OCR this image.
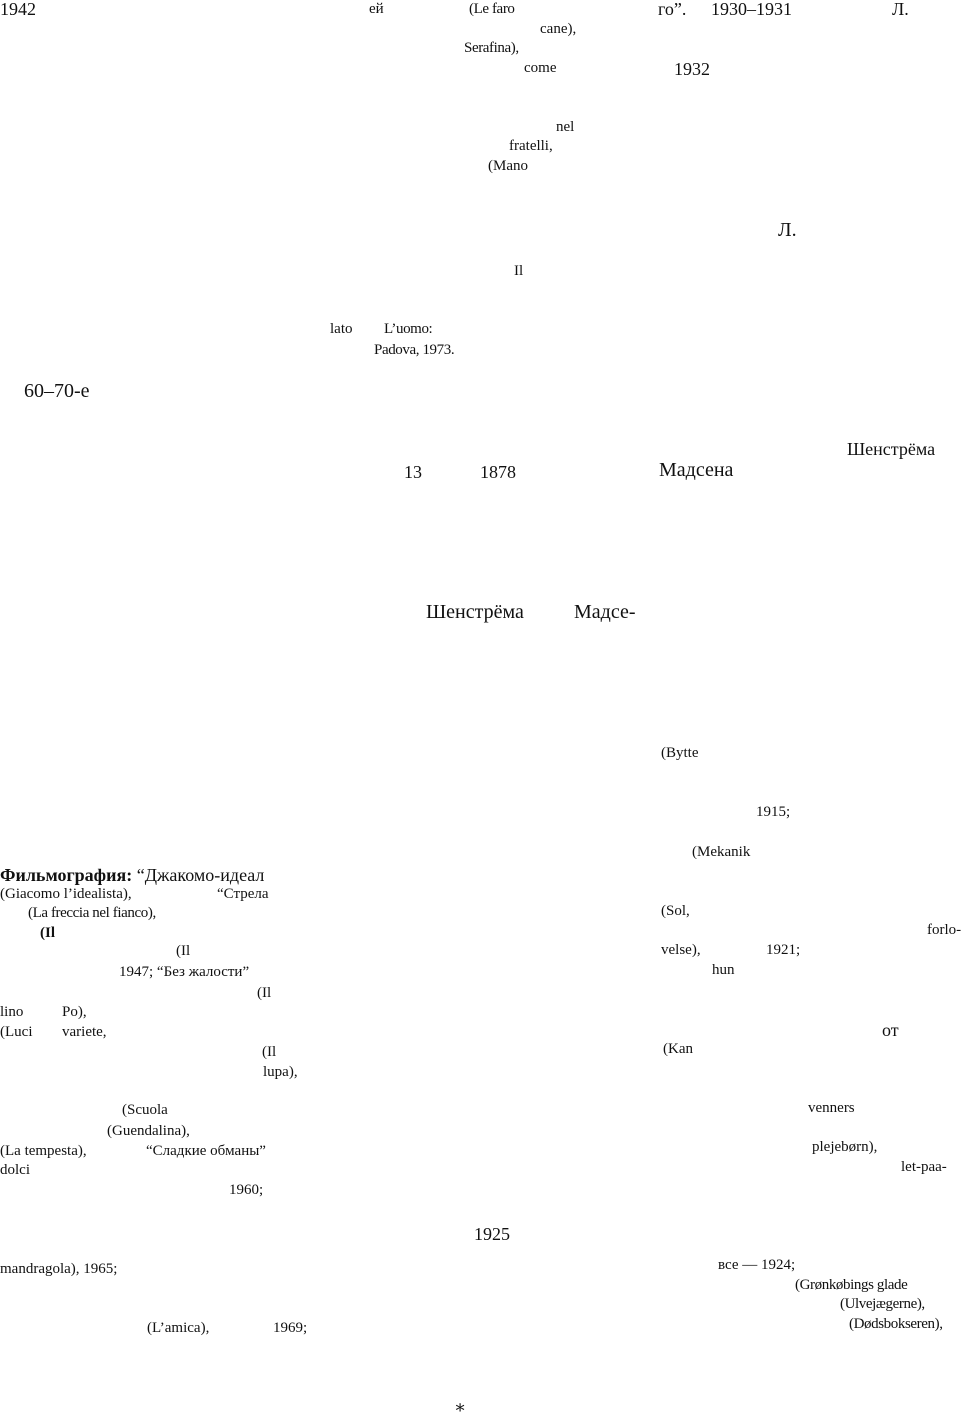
1942
60–70-е
Фильмография: “Джакомо-идеал
(Giacomo l’idealista),	“Стрела
(La freccia nel fianco),
(Il
(Il
1947; “Без жалости”
(Il
lino	Po),
(Luci variete,
(Il
lupa),
(Scuola
(Guendalina),
(La tempesta),	“Сладкие обманы”
dolci
1960;
mandragola), 1965;
(L’amica),	1969;
ей	(Le faro
cane),
Serafina),
come
nel
fratelli,
(Mano
Il
lato L’uomo:
Padova, 1973.
13	1878
Шенстрёма	Мадсе-
1925
∗
го”. 1930–1931	Л.
1932
Л.
Мадсена
Шенстрёма
(Bytte
1915;
(Mekanik
(Sol,
forlo-
velse),	1921;
hun
от
(Kan
venners
plejebørn),
let-paa-
все — 1924;
(Grønkøbings glade
(Ulvejægerne),
(Dødsbokseren),
